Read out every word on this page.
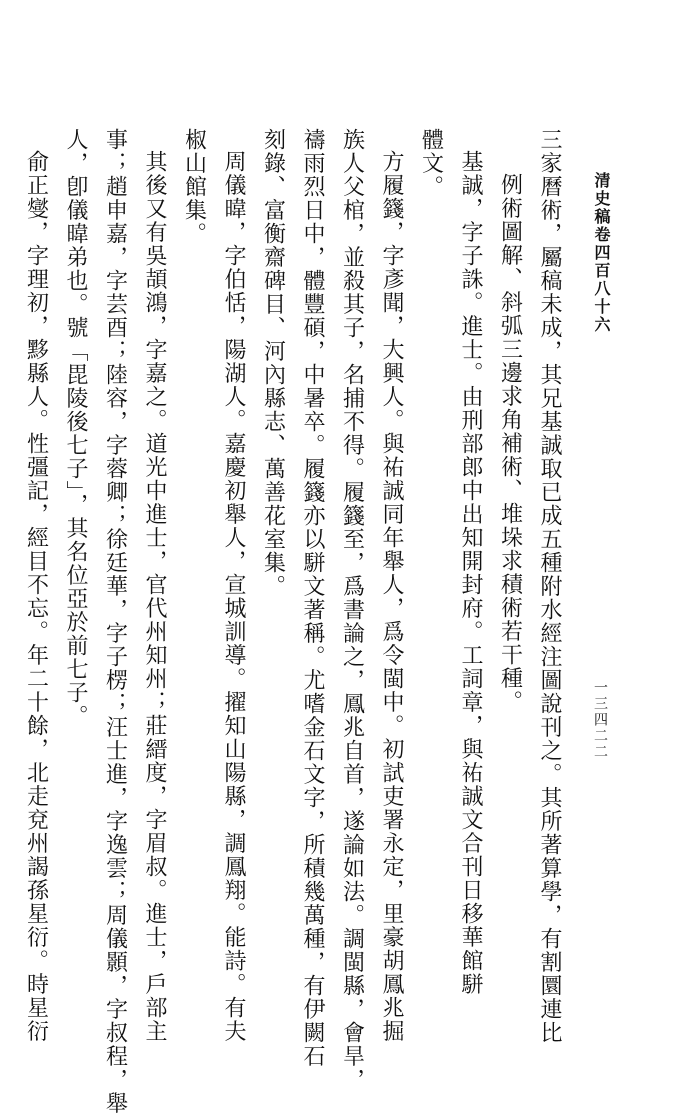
清史稿卷四百八十六
一三四二二
三家曆術，屬稿未成，其兄基誠取已成五種附水經注圖說刊之。其所著算學，有割圜連比
例術圖解、斜弧三邊求角補術、堆垛求積術若干種。
基誠，字子誅。進士。由刑部郎中出知開封府。工詞章，與祐誠文合刊日移華館駢
體文。
方履籛，字彥聞，大興人。與祐誠同年舉人，爲令閩中。初試吏署永定，里豪胡鳳兆掘
族人父棺，並殺其子，名捕不得。履籛至，爲書論之，鳳兆自首，遂論如法。調閩縣，會旱，
禱雨烈日中，體豐碩，中暑卒。履籛亦以駢文著稱。尤嗜金石文字，所積幾萬種，有伊闕石
刻錄、富衡齋碑目、河內縣志、萬善花室集。
周儀暐，字伯恬，陽湖人。嘉慶初舉人，宣城訓導。擢知山陽縣，調鳳翔。能詩。有夫
椒山館集。
其後又有吳頡鴻，字嘉之。道光中進士，官代州知州；莊縉度，字眉叔。進士，戶部主
事；趙申嘉，字芸酉；陸容，字蓉卿；徐廷華，字子楞；汪士進，字逸雲；周儀顥，字叔程，舉
人，卽儀暐弟也。號「毘陵後七子」，其名位亞於前七子。
俞正燮，字理初，黟縣人。性彊記，經目不忘。年二十餘，北走兗州謁孫星衍。時星衍
